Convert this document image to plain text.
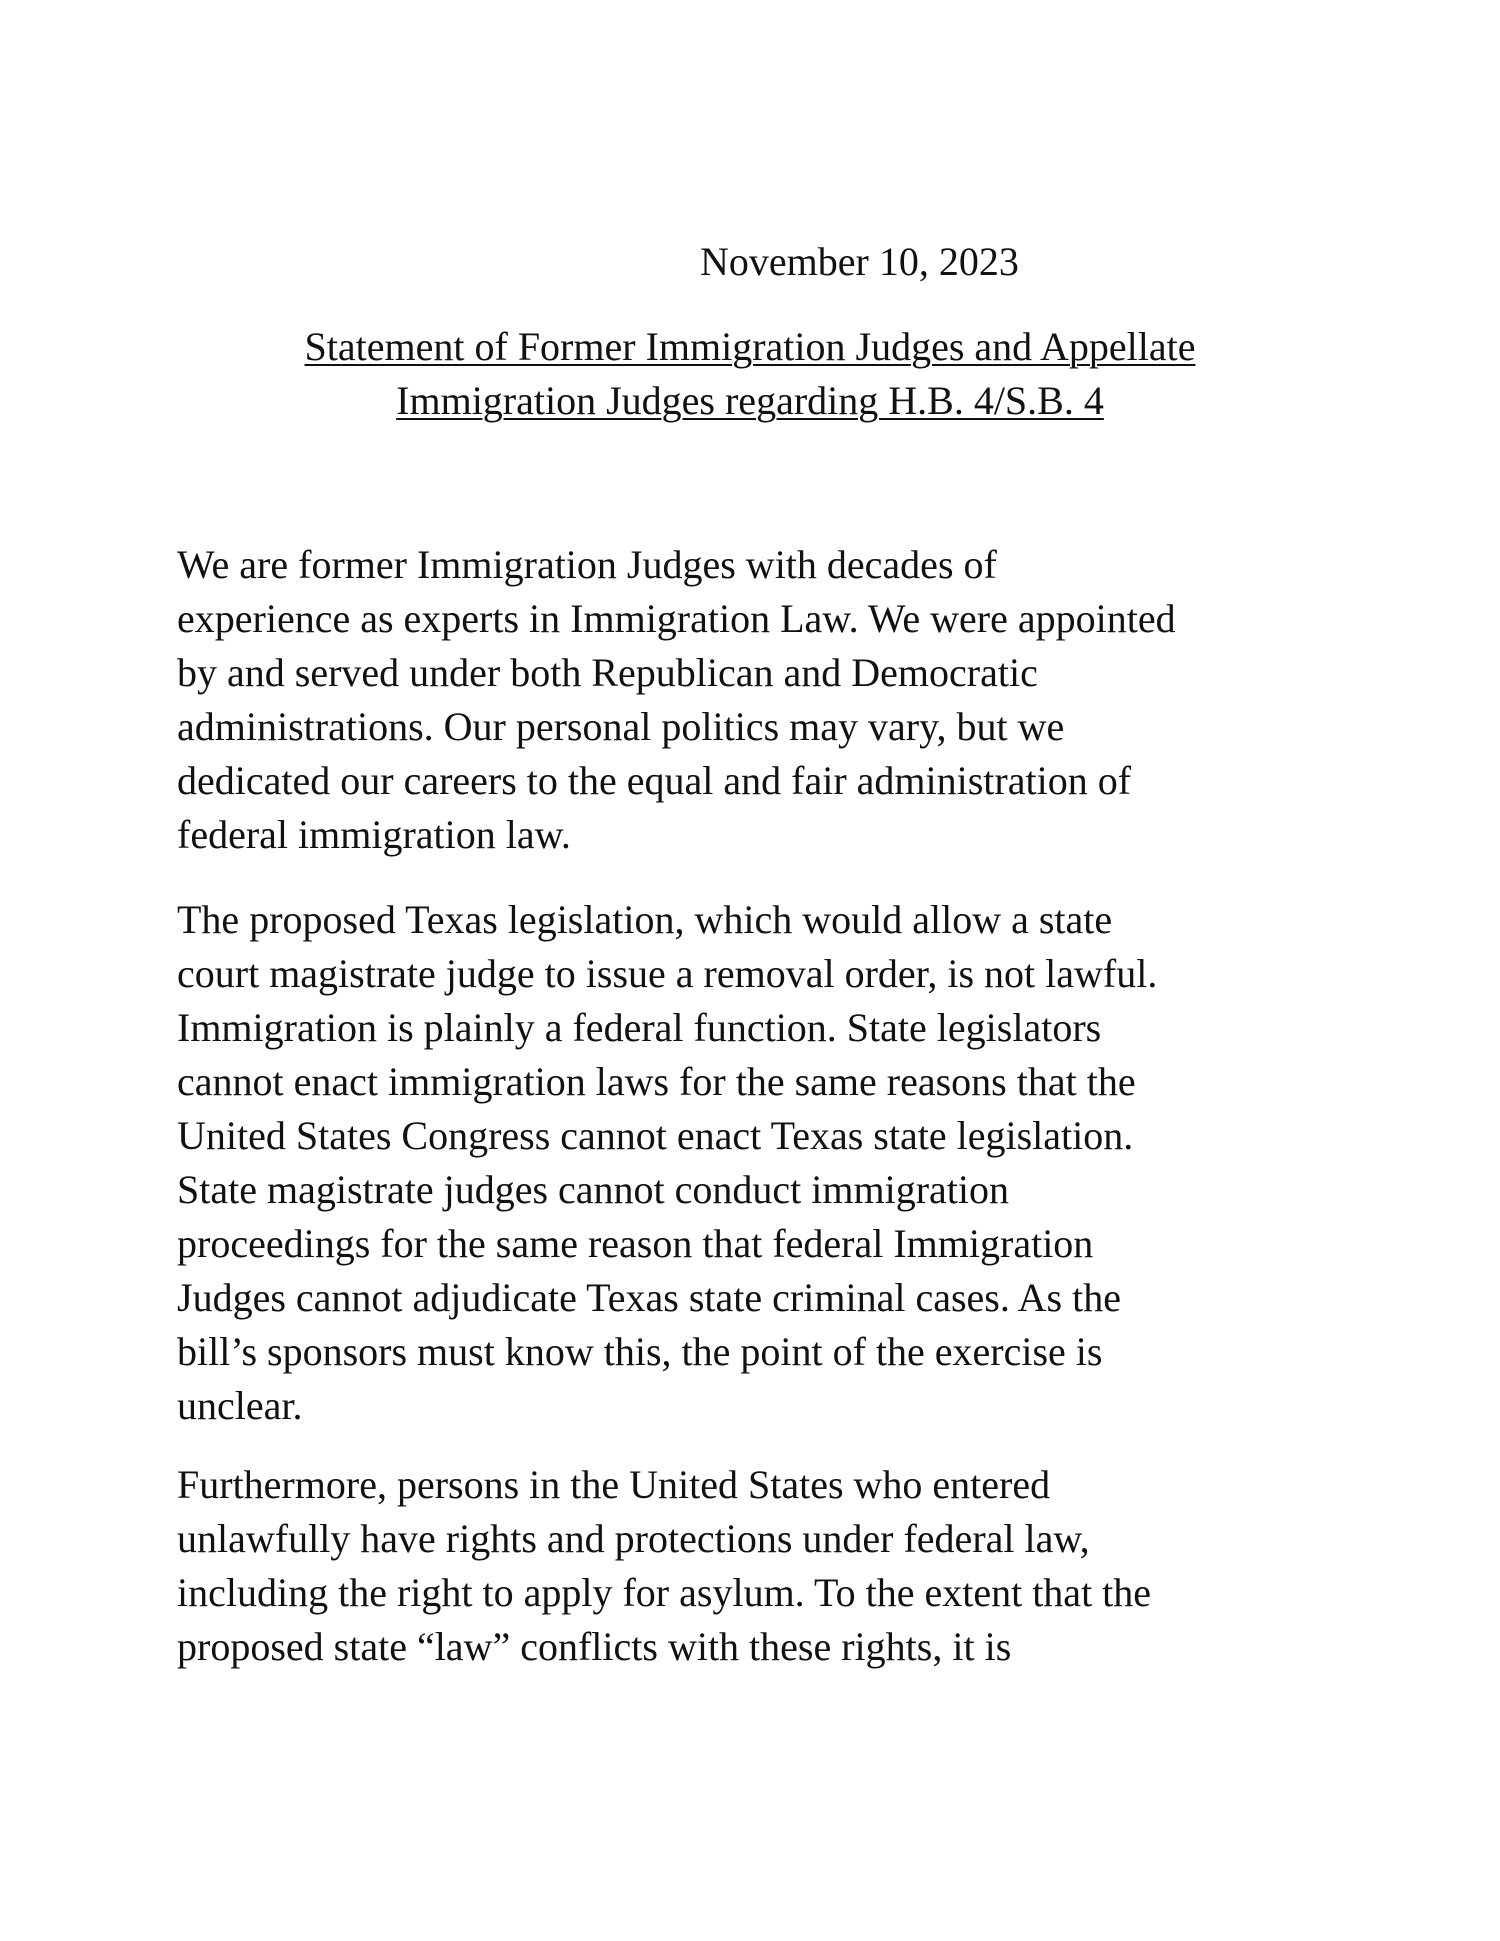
November 10, 2023
Statement of Former Immigration Judges and Appellate
Immigration Judges regarding H.B. 4/S.B. 4
We are former Immigration Judges with decades of
experience as experts in Immigration Law. We were appointed
by and served under both Republican and Democratic
administrations. Our personal politics may vary, but we
dedicated our careers to the equal and fair administration of
federal immigration law.
The proposed Texas legislation, which would allow a state
court magistrate judge to issue a removal order, is not lawful.
Immigration is plainly a federal function. State legislators
cannot enact immigration laws for the same reasons that the
United States Congress cannot enact Texas state legislation.
State magistrate judges cannot conduct immigration
proceedings for the same reason that federal Immigration
Judges cannot adjudicate Texas state criminal cases. As the
bill’s sponsors must know this, the point of the exercise is
unclear.
Furthermore, persons in the United States who entered
unlawfully have rights and protections under federal law,
including the right to apply for asylum. To the extent that the
proposed state “law” conflicts with these rights, it is
